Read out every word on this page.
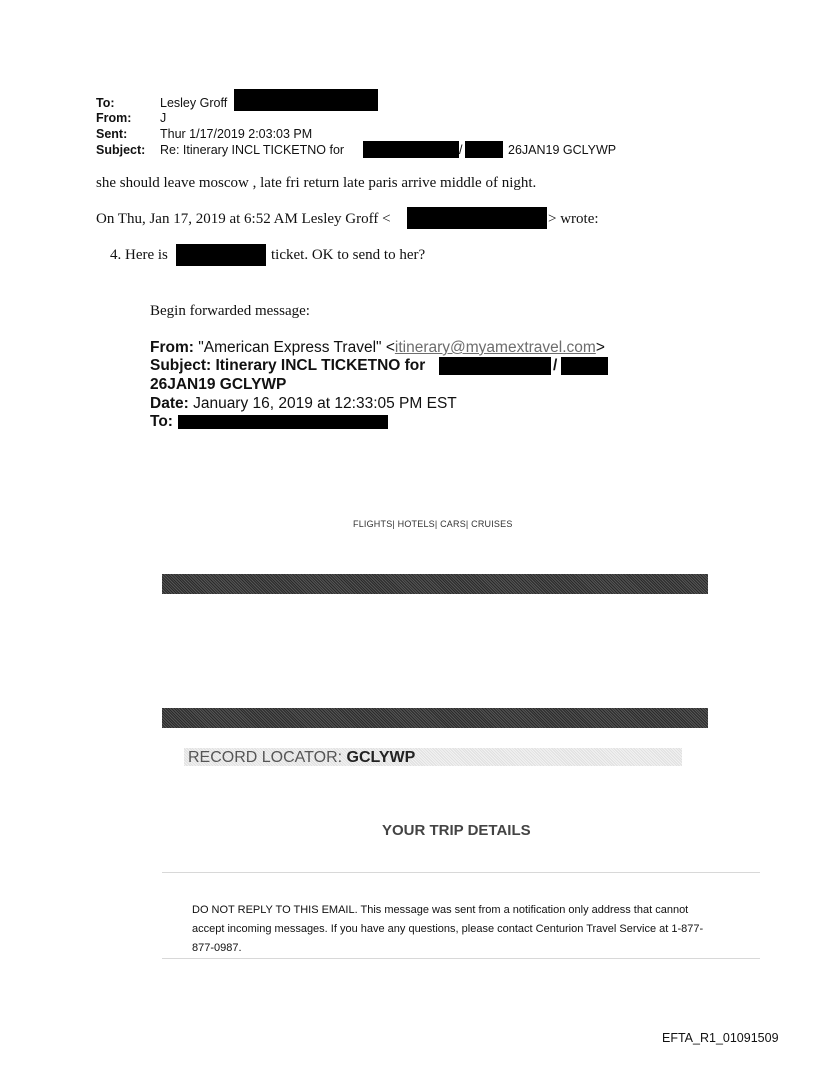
To:	Lesley Groff
From: J
Sent:	Thur 1/17/2019 2:03:03 PM
Subject: Re: Itinerary INCL TICKETNO for	/	26JAN19 GCLYWP
she should leave moscow , late fri return late paris arrive middle of night.
On Thu, Jan 17, 2019 at 6:52 AM Lesley Groff <	> wrote:
4. Here is	ticket. OK to send to her?
Begin forwarded message:
From: "American Express Travel" <itinerary@myamextravel.com>
Subject: Itinerary INCL TICKETNO for	/
26JAN19 GCLYWP
Date: January 16, 2019 at 12:33:05 PM EST
To:
FLIGHTS| HOTELS| CARS| CRUISES
RECORD LOCATOR: GCLYWP
YOUR TRIP DETAILS
DO NOT REPLY TO THIS EMAIL. This message was sent from a notification only address that cannot accept incoming messages. If you have any questions, please contact Centurion Travel Service at 1-877-877-0987.
EFTA_R1_01091509
